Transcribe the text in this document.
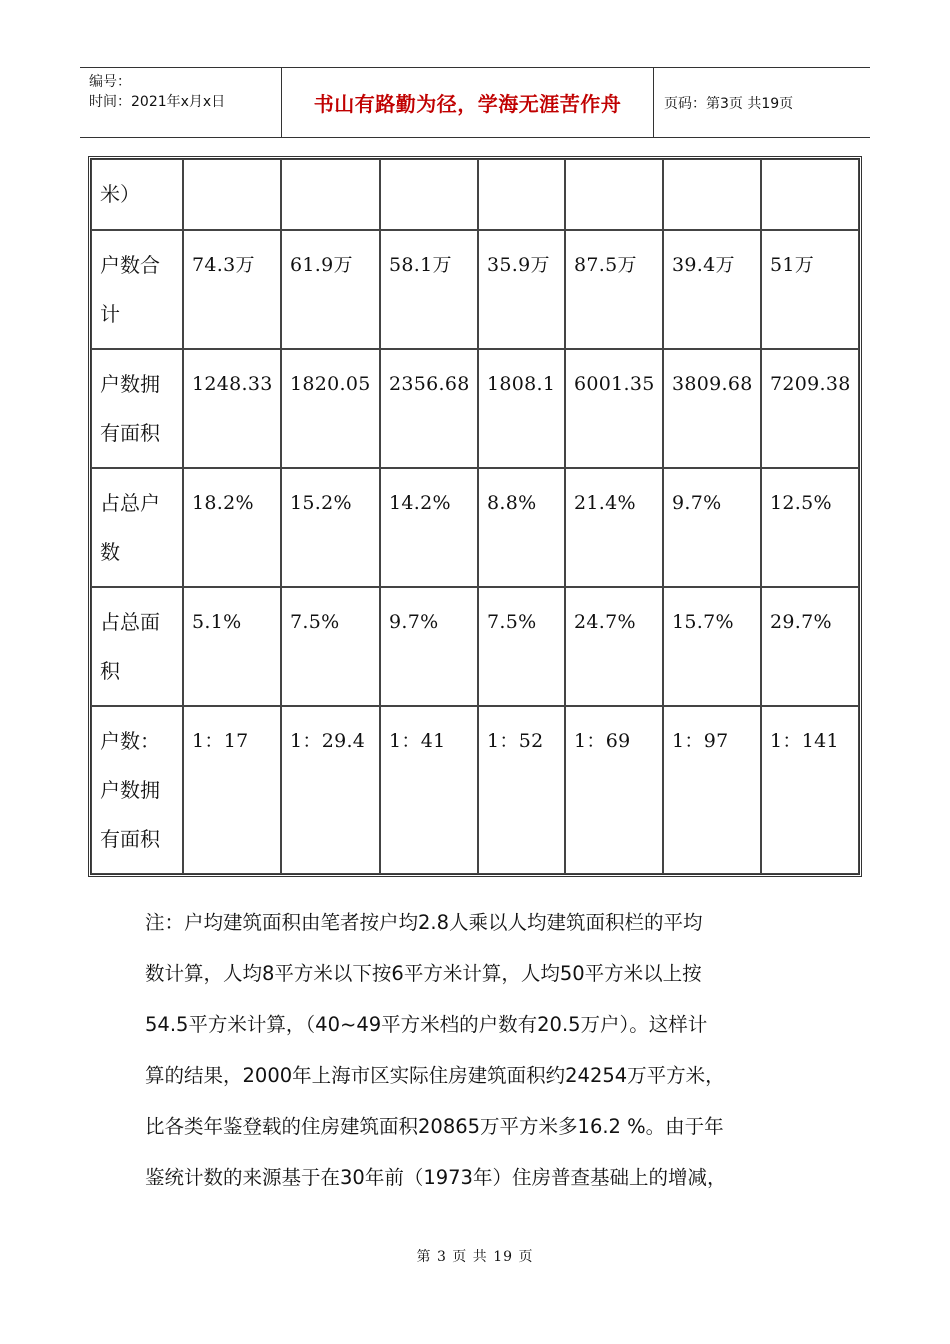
编号：
时间：2021年x月x日	书山有路勤为径，学海无涯苦作舟	页码：第3页 共19页
米）							
户数合计	74.3万	61.9万	58.1万	35.9万	87.5万	39.4万	51万
户数拥有面积	1248.33	1820.05	2356.68	1808.1	6001.35	3809.68	7209.38
占总户数	18.2%	15.2%	14.2%	8.8%	21.4%	9.7%	12.5%
占总面积	5.1%	7.5%	9.7%	7.5%	24.7%	15.7%	29.7%
户数：户数拥有面积	1：17	1：29.4	1：41	1：52	1：69	1：97	1：141
注：户均建筑面积由笔者按户均2.8人乘以人均建筑面积栏的平均
数计算，人均8平方米以下按6平方米计算，人均50平方米以上按
54.5平方米计算，（40~49平方米档的户数有20.5万户）。这样计
算的结果，2000年上海市区实际住房建筑面积约24254万平方米，
比各类年鉴登载的住房建筑面积20865万平方米多16.2 %。由于年
鉴统计数的来源基于在30年前（1973年）住房普查基础上的增减，
第 3 页 共 19 页
